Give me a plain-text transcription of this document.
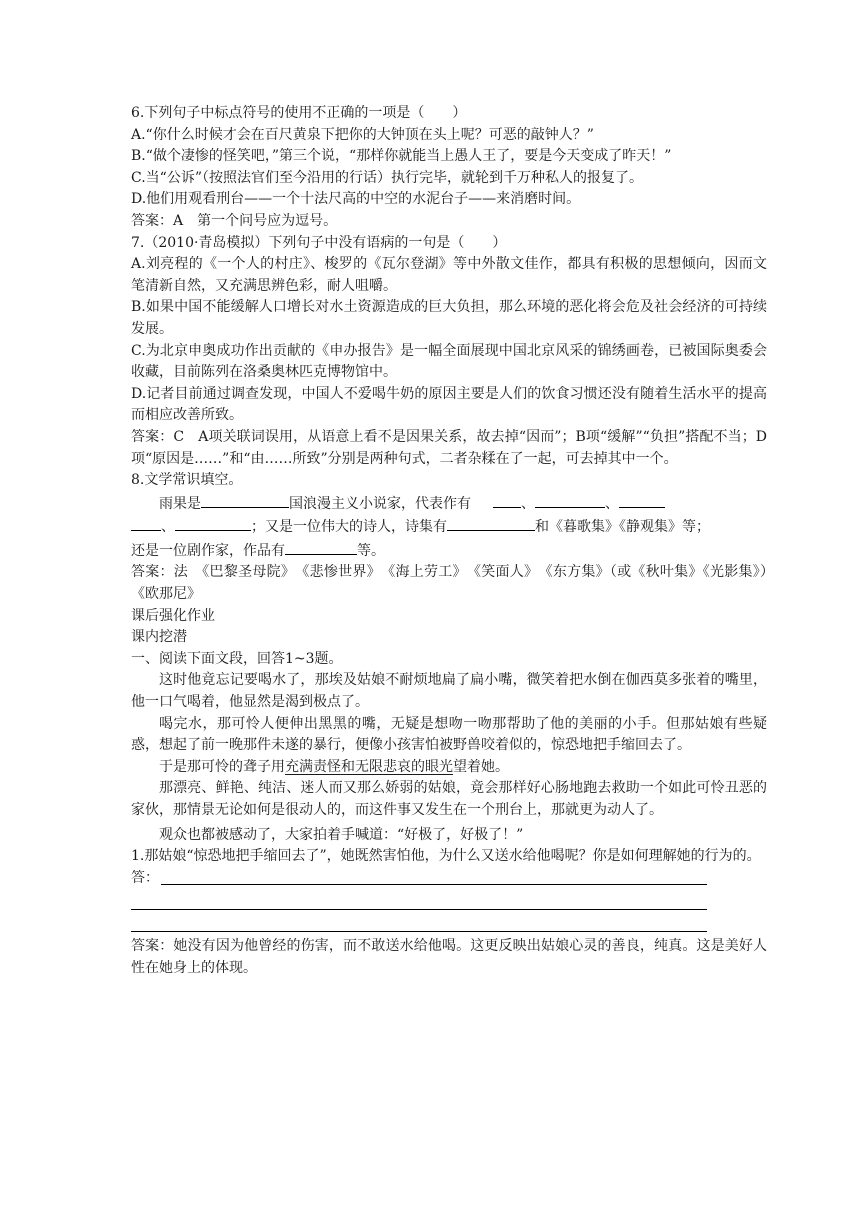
6.下列句子中标点符号的使用不正确的一项是（　　）

A.“你什么时候才会在百尺黄泉下把你的大钟顶在头上呢？可恶的敲钟人？”

B.“做个凄惨的怪笑吧，”第三个说，“那样你就能当上愚人王了，要是今天变成了昨天！”

C.当“公诉”（按照法官们至今沿用的行话）执行完毕，就轮到千万种私人的报复了。

D.他们用观看刑台——一个十法尺高的中空的水泥台子——来消磨时间。

答案：A　第一个问号应为逗号。

7.（2010·青岛模拟）下列句子中没有语病的一句是（　　）

A.刘亮程的《一个人的村庄》、梭罗的《瓦尔登湖》等中外散文佳作，都具有积极的思想倾向，因而文笔清新自然，又充满思辨色彩，耐人咀嚼。

B.如果中国不能缓解人口增长对水土资源造成的巨大负担，那么环境的恶化将会危及社会经济的可持续发展。

C.为北京申奥成功作出贡献的《申办报告》是一幅全面展现中国北京风采的锦绣画卷，已被国际奥委会收藏，目前陈列在洛桑奥林匹克博物馆中。

D.记者目前通过调查发现，中国人不爱喝牛奶的原因主要是人们的饮食习惯还没有随着生活水平的提高而相应改善所致。

答案：C　A项关联词误用，从语意上看不是因果关系，故去掉“因而”；B项“缓解”“负担”搭配不当；D项“原因是……”和“由……所致”分别是两种句式，二者杂糅在了一起，可去掉其中一个。

8.文学常识填空。

雨果是	国浪漫主义小说家，代表作有	、	、

、	；又是一位伟大的诗人，诗集有	和《暮歌集》《静观集》等；

还是一位剧作家，作品有	等。

答案：法　《巴黎圣母院》　《悲惨世界》　《海上劳工》　《笑面人》　《东方集》（或《秋叶集》《光影集》）　《欧那尼》

课后强化作业

课内挖潜

一、阅读下面文段，回答1~3题。

这时他竟忘记要喝水了，那埃及姑娘不耐烦地扁了扁小嘴，微笑着把水倒在伽西莫多张着的嘴里，他一口气喝着，他显然是渴到极点了。

喝完水，那可怜人便伸出黑黑的嘴，无疑是想吻一吻那帮助了他的美丽的小手。但那姑娘有些疑惑，想起了前一晚那件未遂的暴行，便像小孩害怕被野兽咬着似的，惊恐地把手缩回去了。

于是那可怜的聋子用充满责怪和无限悲哀的眼光望着她。

那漂亮、鲜艳、纯洁、迷人而又那么娇弱的姑娘，竟会那样好心肠地跑去救助一个如此可怜丑恶的家伙，那情景无论如何是很动人的，而这件事又发生在一个刑台上，那就更为动人了。

观众也都被感动了，大家拍着手喊道：“好极了，好极了！”

1.那姑娘“惊恐地把手缩回去了”，她既然害怕他，为什么又送水给他喝呢？你是如何理解她的行为的。

答：

答案：她没有因为他曾经的伤害，而不敢送水给他喝。这更反映出姑娘心灵的善良，纯真。这是美好人性在她身上的体现。
